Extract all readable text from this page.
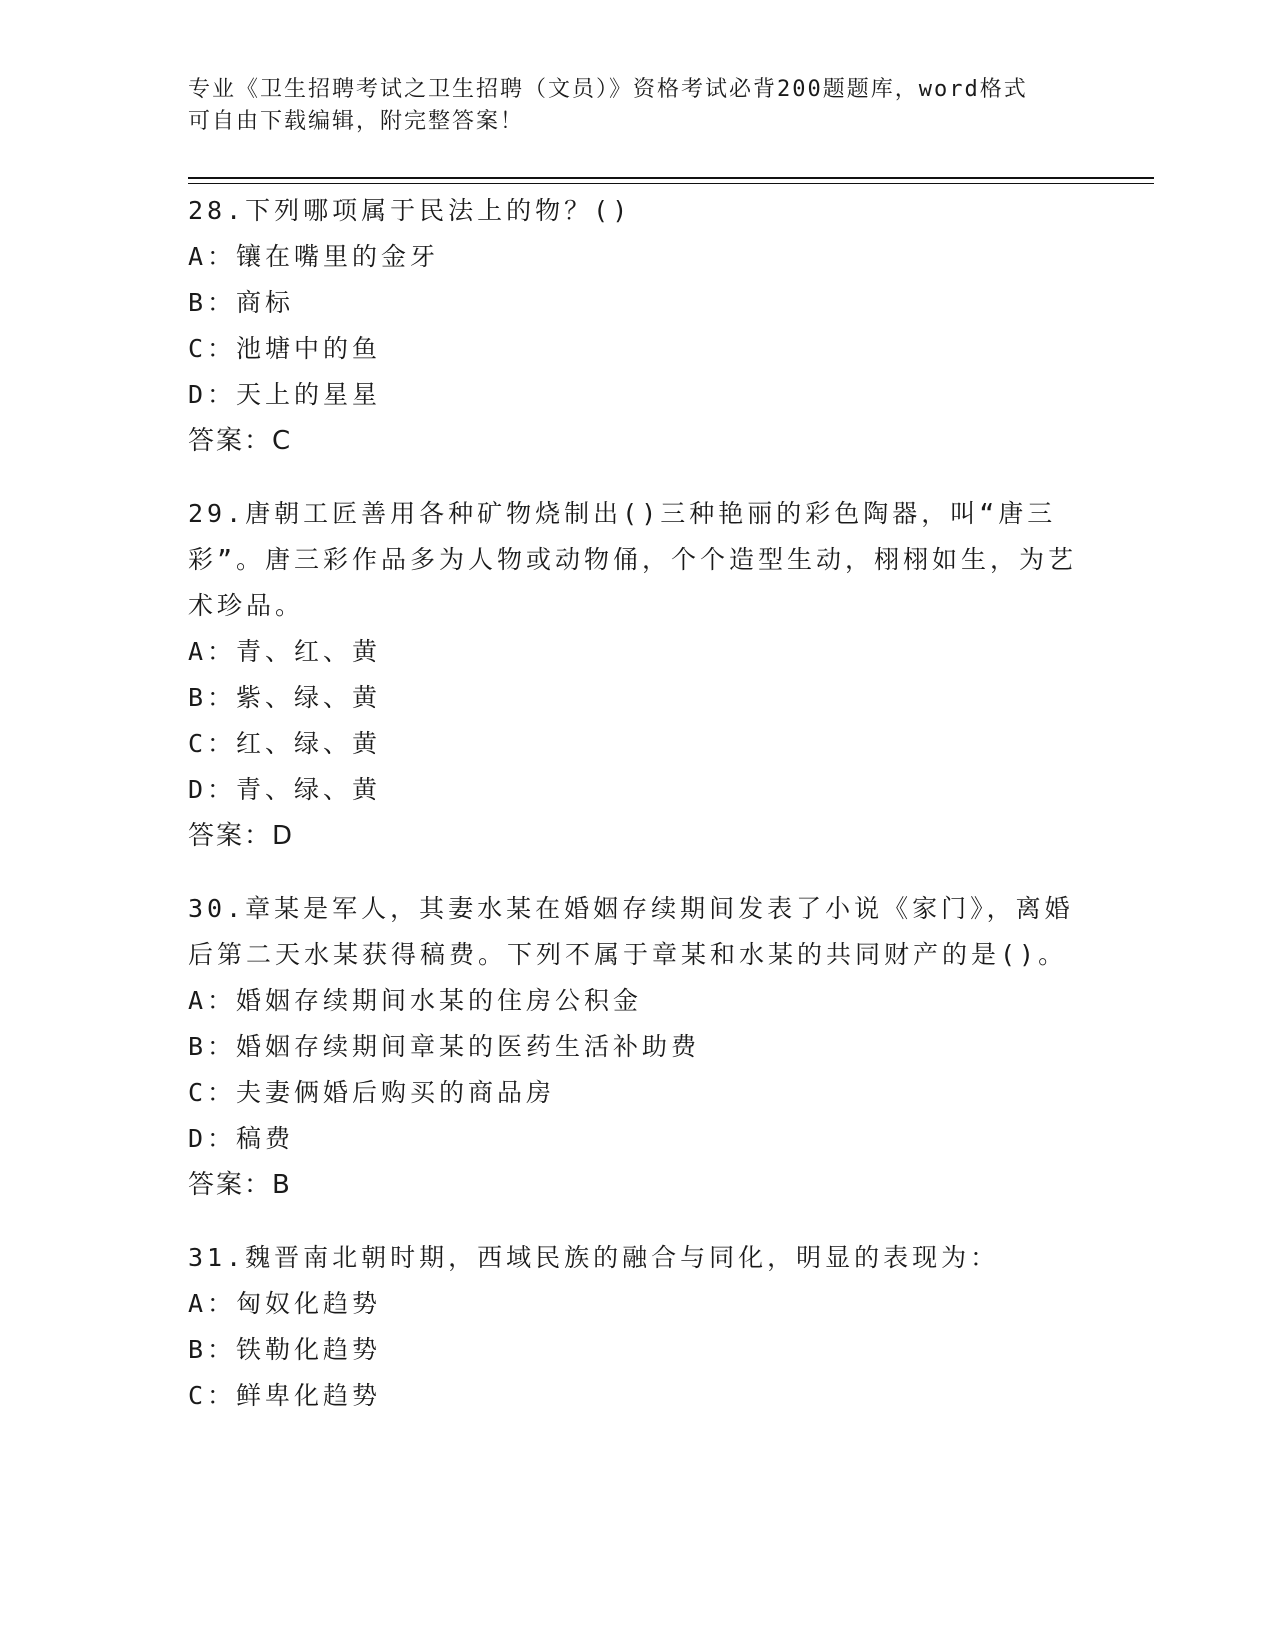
专业《卫生招聘考试之卫生招聘（文员）》资格考试必背200题题库，word格式
可自由下载编辑，附完整答案！
28.下列哪项属于民法上的物？()
A：镶在嘴里的金牙
B：商标
C：池塘中的鱼
D：天上的星星
答案：C
29.唐朝工匠善用各种矿物烧制出()三种艳丽的彩色陶器，叫“唐三彩”。唐三彩作品多为人物或动物俑，个个造型生动，栩栩如生，为艺术珍品。
A：青、红、黄
B：紫、绿、黄
C：红、绿、黄
D：青、绿、黄
答案：D
30.章某是军人，其妻水某在婚姻存续期间发表了小说《家门》，离婚后第二天水某获得稿费。下列不属于章某和水某的共同财产的是()。
A：婚姻存续期间水某的住房公积金
B：婚姻存续期间章某的医药生活补助费
C：夫妻俩婚后购买的商品房
D：稿费
答案：B
31.魏晋南北朝时期，西域民族的融合与同化，明显的表现为：
A：匈奴化趋势
B：铁勒化趋势
C：鲜卑化趋势
